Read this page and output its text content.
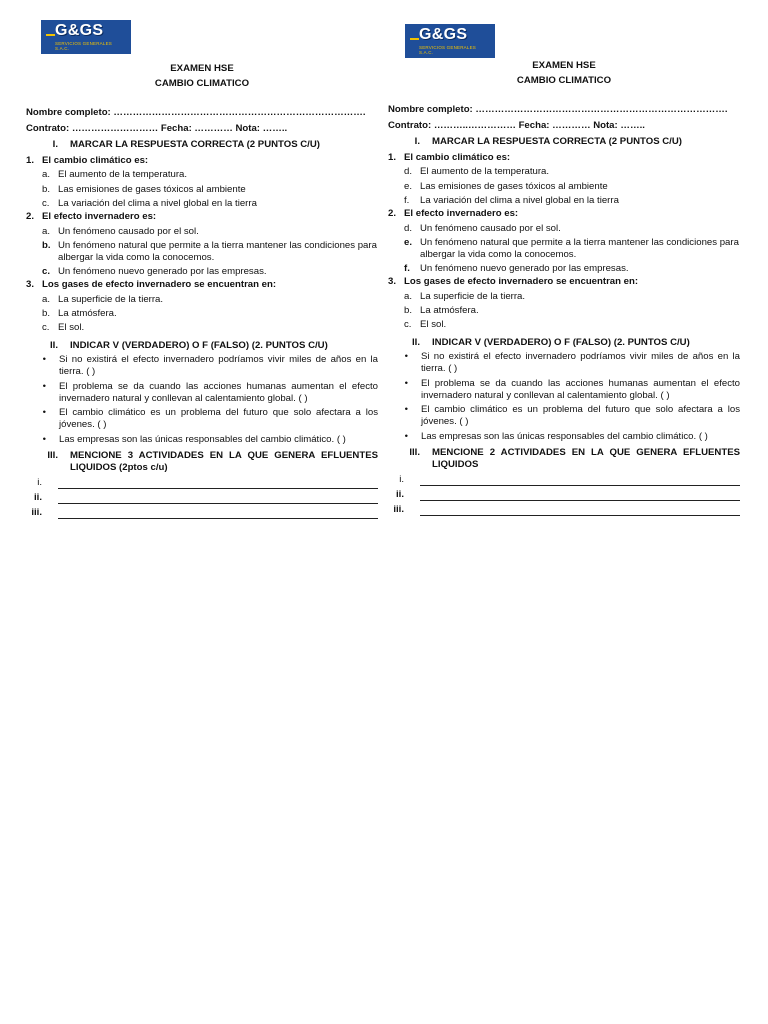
G&GS
SERVICIOS GENERALES S.A.C.

EXAMEN HSE

CAMBIO CLIMATICO

Nombre completo: …………………………………………………………………….
Contrato: ……………………… Fecha: ………… Nota: ……..
I.	MARCAR LA RESPUESTA CORRECTA (2 PUNTOS C/U)
1. El cambio climático es:
a. El aumento de la temperatura.
b. Las emisiones de gases tóxicos al ambiente
c. La variación del clima a nivel global en la tierra
2. El efecto invernadero es:
a. Un fenómeno causado por el sol.
b. Un fenómeno natural que permite a la tierra mantener las condiciones para albergar la vida como la conocemos.
c. Un fenómeno nuevo generado por las empresas.
3. Los gases de efecto invernadero se encuentran en:
a. La superficie de la tierra.
b. La atmósfera.
c. El sol.
II.	INDICAR V (VERDADERO) O F (FALSO) (2. PUNTOS C/U)
•	Si no existirá el efecto invernadero podríamos vivir miles de años en la tierra. ( )
•	El problema se da cuando las acciones humanas aumentan el efecto invernadero natural y conllevan al calentamiento global. ( )
•	El cambio climático es un problema del futuro que solo afectara a los jóvenes. ( )
•	Las empresas son las únicas responsables del cambio climático. ( )
III.	MENCIONE 3 ACTIVIDADES EN LA QUE GENERA EFLUENTES LIQUIDOS (2ptos c/u)
i.
ii.
iii.
G&GS
SERVICIOS GENERALES S.A.C.

EXAMEN HSE

CAMBIO CLIMATICO

Nombre completo: …………………………………………………………………….
Contrato: ………..…………… Fecha: ………… Nota: ……..
I.	MARCAR LA RESPUESTA CORRECTA (2 PUNTOS C/U)
1. El cambio climático es:
d. El aumento de la temperatura.
e. Las emisiones de gases tóxicos al ambiente
f.	La variación del clima a nivel global en la tierra
2. El efecto invernadero es:
d. Un fenómeno causado por el sol.
e. Un fenómeno natural que permite a la tierra mantener las condiciones para albergar la vida como la conocemos.
f.	Un fenómeno nuevo generado por las empresas.
3. Los gases de efecto invernadero se encuentran en:
a. La superficie de la tierra.
b. La atmósfera.
c. El sol.
II.	INDICAR V (VERDADERO) O F (FALSO) (2. PUNTOS C/U)
•	Si no existirá el efecto invernadero podríamos vivir miles de años en la tierra. ( )
•	El problema se da cuando las acciones humanas aumentan el efecto invernadero natural y conllevan al calentamiento global. ( )
•	El cambio climático es un problema del futuro que solo afectara a los jóvenes. ( )
•	Las empresas son las únicas responsables del cambio climático. ( )
III.	MENCIONE 2 ACTIVIDADES EN LA QUE GENERA EFLUENTES LIQUIDOS
i.
ii.
iii.
